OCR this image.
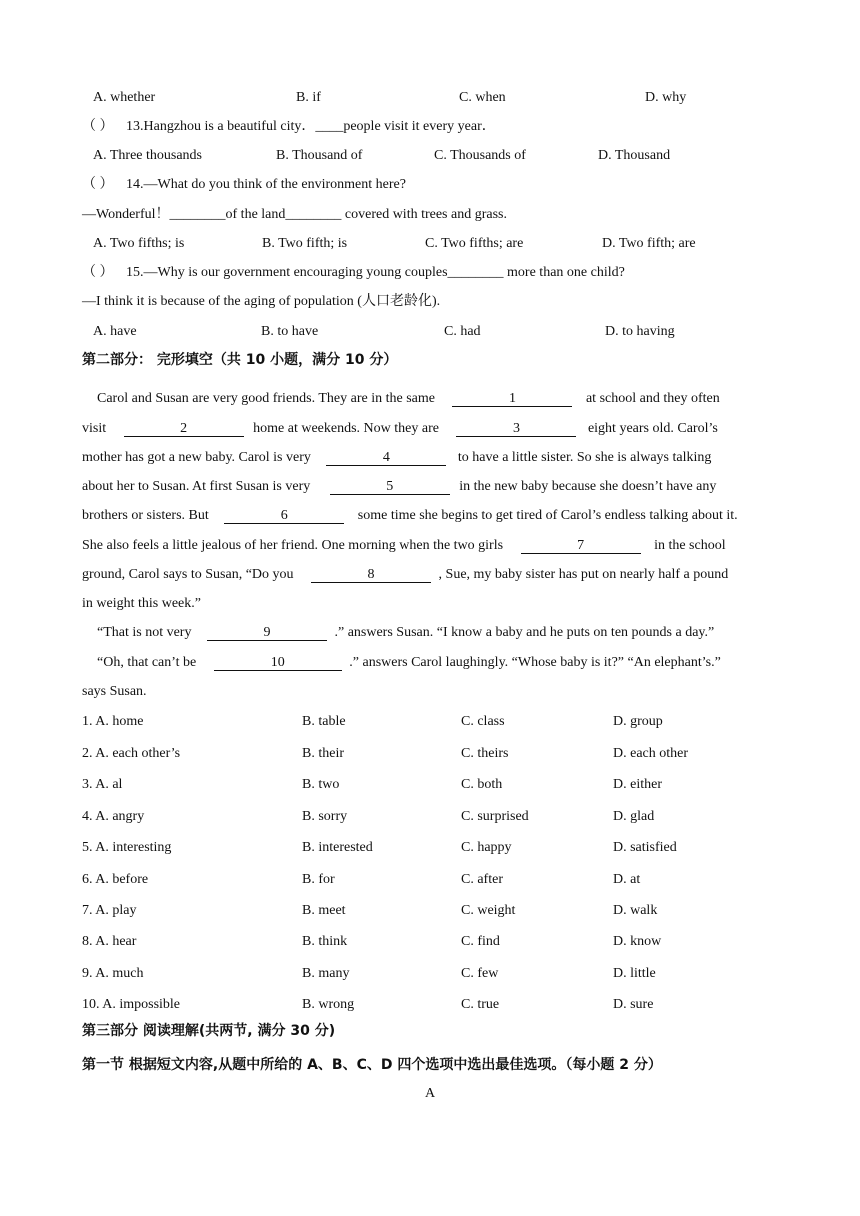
A. whether	B. if	C. when	D. why
（ ） 13.Hangzhou is a beautiful city．____people visit it every year．
A. Three thousands	B. Thousand of	C. Thousands of	D. Thousand
（ ） 14.—What do you think of the environment here?
—Wonderful！________of the land________ covered with trees and grass.
A. Two fifths; is	B. Two fifth; is	C. Two fifths; are	D. Two fifth; are
（ ） 15.—Why is our government encouraging young couples________ more than one child?
—I think it is because of the aging of population (人口老龄化).
A. have	B. to have	C. had	D. to having
第二部分： 完形填空（共 10 小题，满分 10 分）
Carol and Susan are very good friends. They are in the same	1	at school and they often
visit	2	home at weekends. Now they are	3	eight years old. Carol’s
mother has got a new baby. Carol is very	4	to have a little sister. So she is always talking
about her to Susan. At first Susan is very	5	in the new baby because she doesn’t have any
brothers or sisters. But	6	some time she begins to get tired of Carol’s endless talking about it.
She also feels a little jealous of her friend. One morning when the two girls	7	in the school
ground, Carol says to Susan, “Do you	8	, Sue, my baby sister has put on nearly half a pound
in weight this week.”
“That is not very	9	.” answers Susan. “I know a baby and he puts on ten pounds a day.”
“Oh, that can’t be	10	.” answers Carol laughingly. “Whose baby is it?” “An elephant’s.”
says Susan.
1. A. home	B. table	C. class	D. group
2. A. each other’s	B. their	C. theirs	D. each other
3. A. al	B. two	C. both	D. either
4. A. angry	B. sorry	C. surprised	D. glad
5. A. interesting	B. interested	C. happy	D. satisfied
6. A. before	B. for	C. after	D. at
7. A. play	B. meet	C. weight	D. walk
8. A. hear	B. think	C. find	D. know
9. A. much	B. many	C. few	D. little
10. A. impossible	B. wrong	C. true	D. sure
第三部分 阅读理解(共两节, 满分 30 分)
第一节 根据短文内容,从题中所给的 A、B、C、D 四个选项中选出最佳选项。（每小题 2 分）
A
